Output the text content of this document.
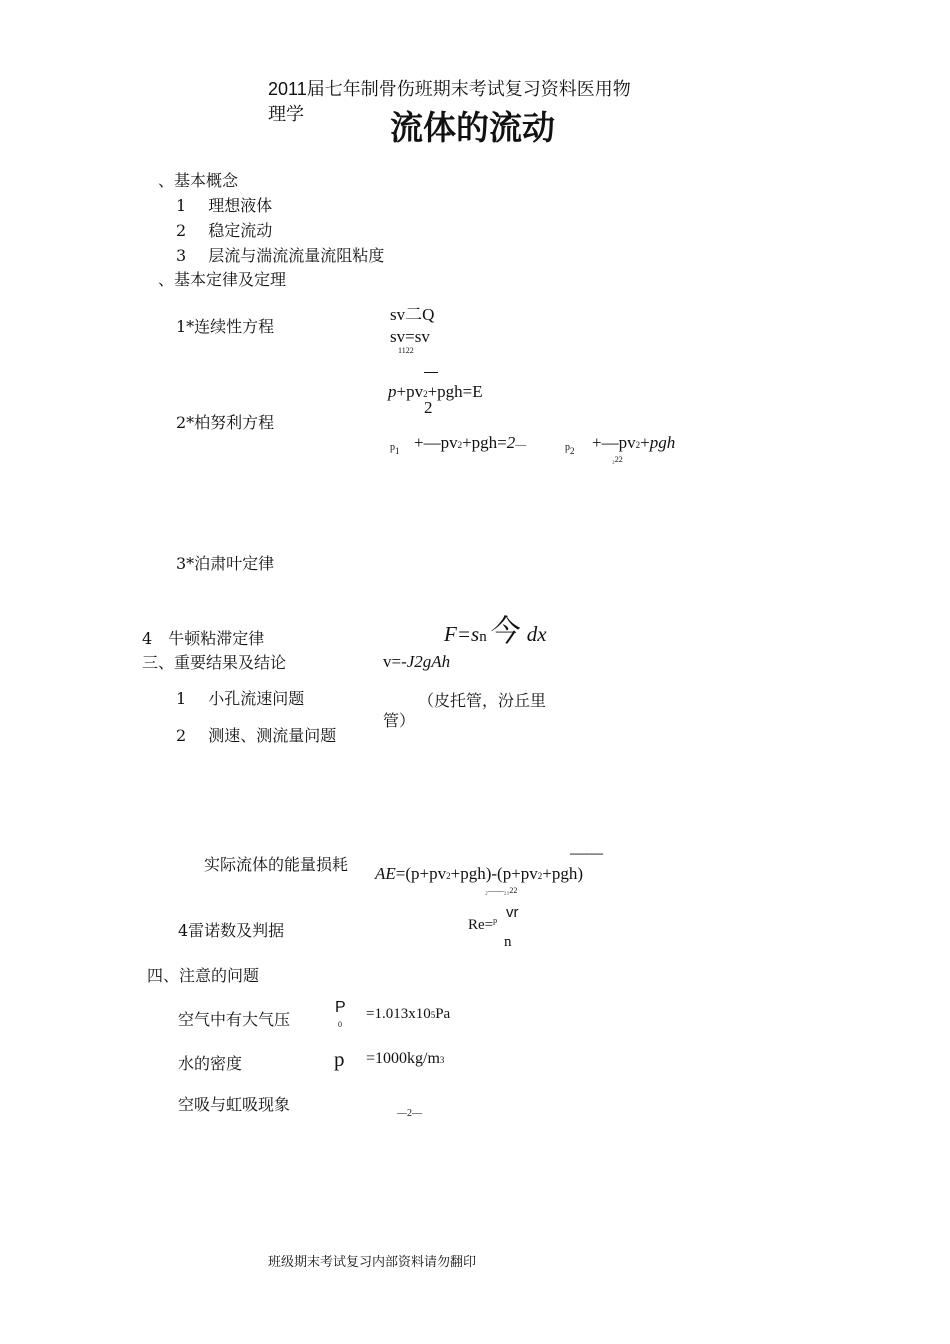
2011届七年制骨伤班期末考试复习资料医用物
理学	流体的流动
、基本概念
1 理想液体
2 稳定流动
3 层流与湍流流量流阻粘度
、基本定律及定理
1*连续性方程
sv二Q
sv=sv
1122
2*柏努利方程
p+pv2+pgh=E
2
p1 +—pv2+pgh=2—	p2 +—pv2+pgh
₂22
3*泊肃叶定律
4 牛顿粘滞定律	F=sn 今 dx
三、重要结果及结论	v=-J2gAh
1 小孔流速问题	（皮托管，汾丘里
管）
2 测速、测流量问题
实际流体的能量损耗
——
AE=(p+pv2+pgh)-(p+pv2+pgh)
₂——₂₁22
4雷诺数及判据	Re=$^p$ vr
n
四、注意的问题
空气中有大气压
P
0
=1.013x105Pa
水的密度	p =1000kg/m3
空吸与虹吸现象	—2—
班级期末考试复习内部资料请勿翻印
